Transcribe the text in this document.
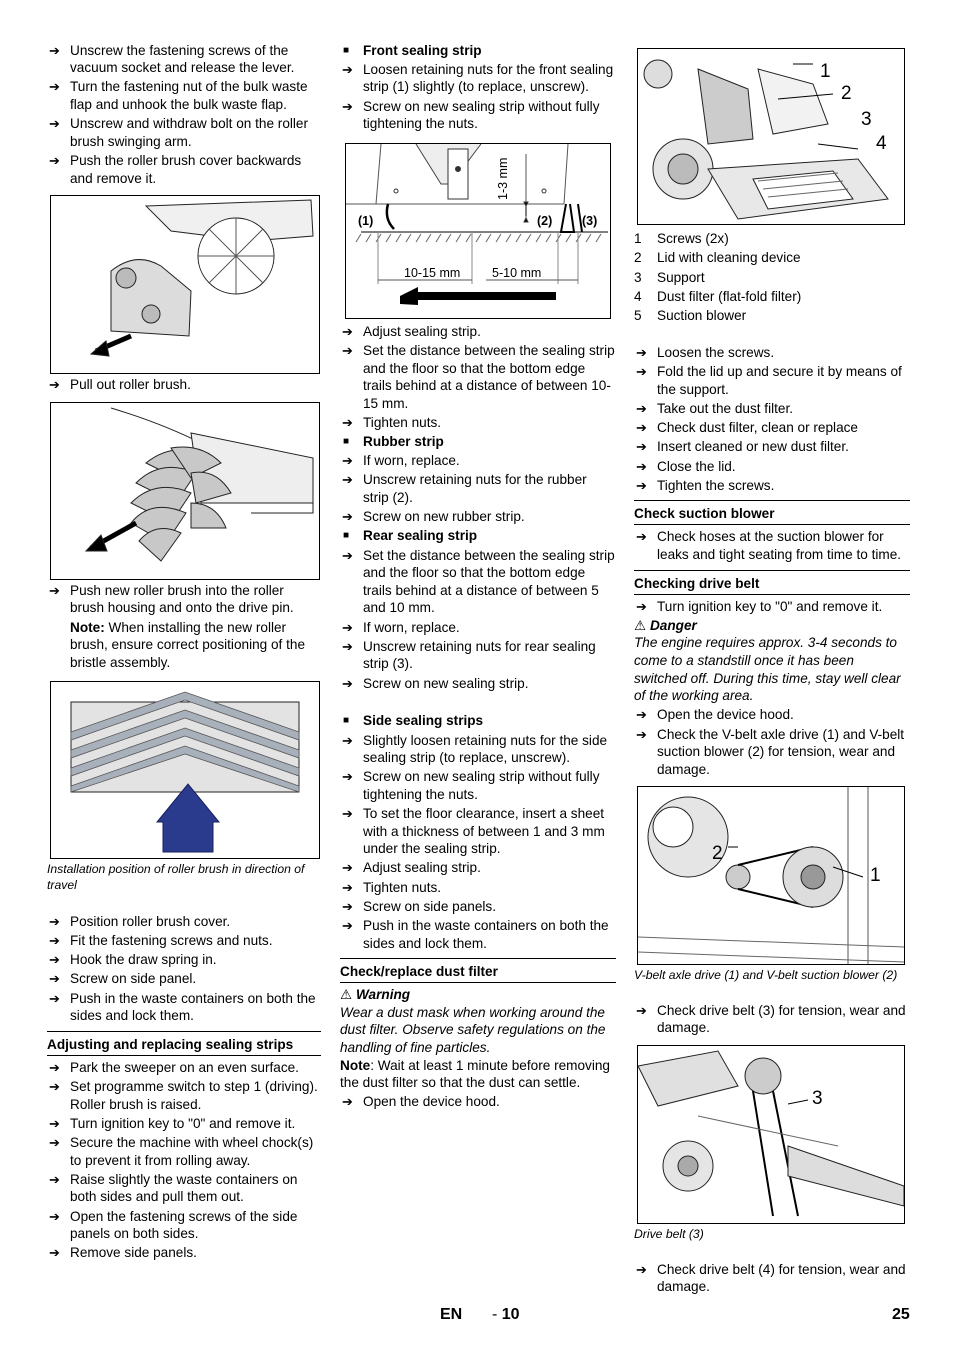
➔ Unscrew the fastening screws of the vacuum socket and release the lever.
➔ Turn the fastening nut of the bulk waste flap and unhook the bulk waste flap.
➔ Unscrew and withdraw bolt on the roller brush swinging arm.
➔ Push the roller brush cover backwards and remove it.
➔ Pull out roller brush.
➔ Push new roller brush into the roller brush housing and onto the drive pin.
Note: When installing the new roller brush, ensure correct positioning of the bristle assembly.
Installation position of roller brush in direction of travel
➔ Position roller brush cover.
➔ Fit the fastening screws and nuts.
➔ Hook the draw spring in.
➔ Screw on side panel.
➔ Push in the waste containers on both the sides and lock them.
Adjusting and replacing sealing strips
➔ Park the sweeper on an even surface.
➔ Set programme switch to step 1 (driving). Roller brush is raised.
➔ Turn ignition key to "0" and remove it.
➔ Secure the machine with wheel chock(s) to prevent it from rolling away.
➔ Raise slightly the waste containers on both sides and pull them out.
➔ Open the fastening screws of the side panels on both sides.
➔ Remove side panels.
■ Front sealing strip
➔ Loosen retaining nuts for the front sealing strip (1) slightly (to replace, unscrew).
➔ Screw on new sealing strip without fully tightening the nuts.
(1)	(2) (3)
1-3 mm
10-15 mm	5-10 mm
➔ Adjust sealing strip.
➔ Set the distance between the sealing strip and the floor so that the bottom edge trails behind at a distance of between 10-15 mm.
➔ Tighten nuts.
■ Rubber strip
➔ If worn, replace.
➔ Unscrew retaining nuts for the rubber strip (2).
➔ Screw on new rubber strip.
■ Rear sealing strip
➔ Set the distance between the sealing strip and the floor so that the bottom edge trails behind at a distance of between 5 and 10 mm.
➔ If worn, replace.
➔ Unscrew retaining nuts for rear sealing strip (3).
➔ Screw on new sealing strip.
■ Side sealing strips
➔ Slightly loosen retaining nuts for the side sealing strip (to replace, unscrew).
➔ Screw on new sealing strip without fully tightening the nuts.
➔ To set the floor clearance, insert a sheet with a thickness of between 1 and 3 mm under the sealing strip.
➔ Adjust sealing strip.
➔ Tighten nuts.
➔ Screw on side panels.
➔ Push in the waste containers on both the sides and lock them.
Check/replace dust filter
⚠ Warning
Wear a dust mask when working around the dust filter. Observe safety regulations on the handling of fine particles.
Note: Wait at least 1 minute before removing the dust filter so that the dust can settle.
➔ Open the device hood.
1
2
3
4
1	Screws (2x)
2	Lid with cleaning device
3	Support
4	Dust filter (flat-fold filter)
5	Suction blower
➔ Loosen the screws.
➔ Fold the lid up and secure it by means of the support.
➔ Take out the dust filter.
➔ Check dust filter, clean or replace
➔ Insert cleaned or new dust filter.
➔ Close the lid.
➔ Tighten the screws.
Check suction blower
➔ Check hoses at the suction blower for leaks and tight seating from time to time.
Checking drive belt
➔ Turn ignition key to "0" and remove it.
⚠ Danger
The engine requires approx. 3-4 seconds to come to a standstill once it has been switched off. During this time, stay well clear of the working area.
➔ Open the device hood.
➔ Check the V-belt axle drive (1) and V-belt suction blower (2) for tension, wear and damage.
2
1
V-belt axle drive (1) and V-belt suction blower (2)
➔ Check drive belt (3) for tension, wear and damage.
3
Drive belt (3)
➔ Check drive belt (4) for tension, wear and damage.
EN - 10	25
